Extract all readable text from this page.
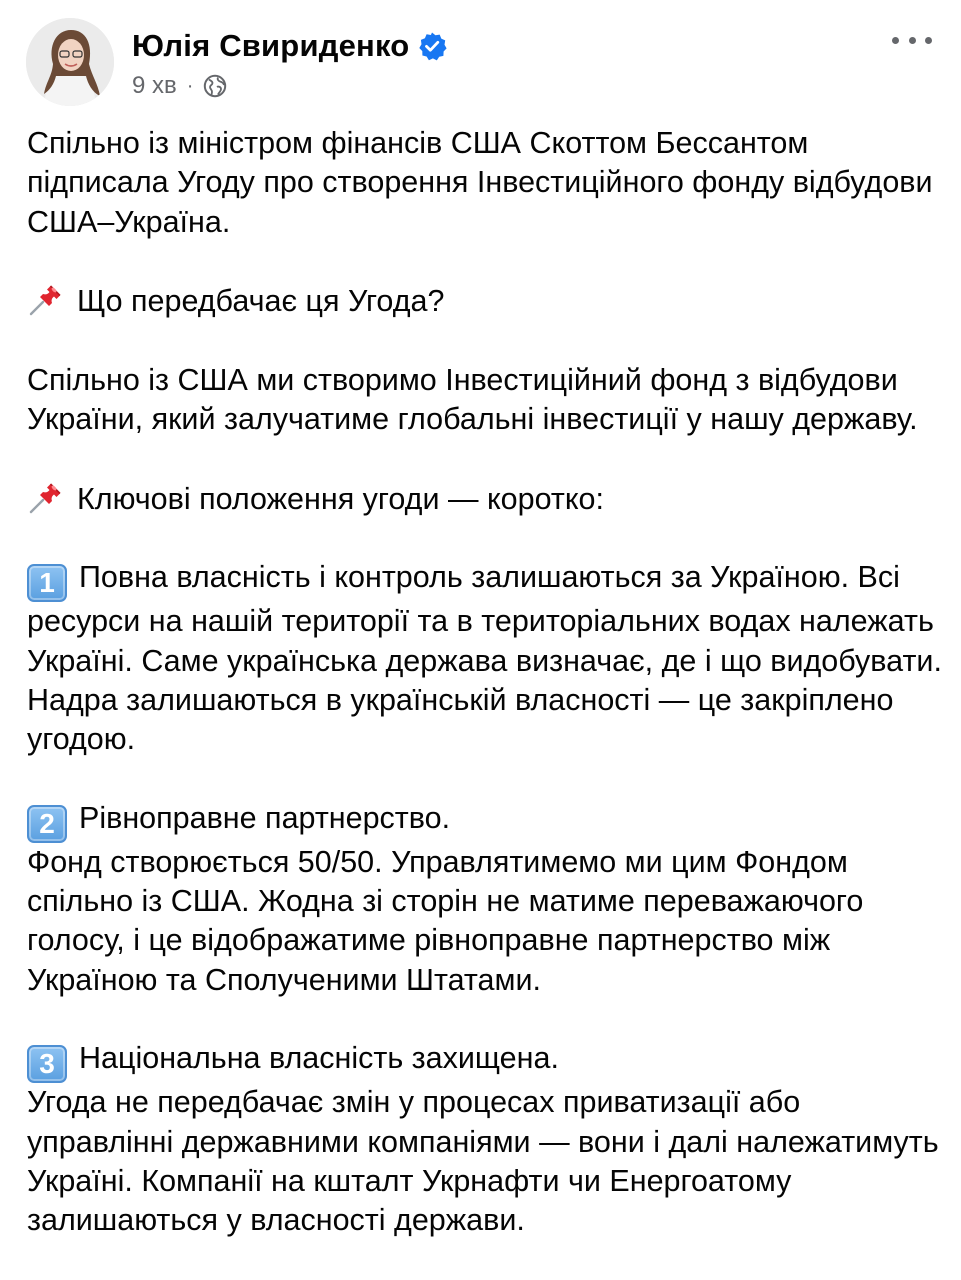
Юлія Свириденко
9 хв ·

Спільно із міністром фінансів США Скоттом Бессантом підписала Угоду про створення Інвестиційного фонду відбудови США–Україна.

Що передбачає ця Угода?

Спільно із США ми створимо Інвестиційний фонд з відбудови України, який залучатиме глобальні інвестиції у нашу державу.

Ключові положення угоди — коротко:

1 Повна власність і контроль залишаються за Україною. Всі ресурси на нашій території та в територіальних водах належать Україні. Саме українська держава визначає, де і що видобувати. Надра залишаються в українській власності — це закріплено угодою.

2 Рівноправне партнерство.

Фонд створюється 50/50. Управлятимемо ми цим Фондом спільно із США. Жодна зі сторін не матиме переважаючого голосу, і це відображатиме рівноправне партнерство між Україною та Сполученими Штатами.

3 Національна власність захищена.

Угода не передбачає змін у процесах приватизації або управлінні державними компаніями — вони і далі належатимуть Україні. Компанії на кшталт Укрнафти чи Енергоатому залишаються у власності держави.
